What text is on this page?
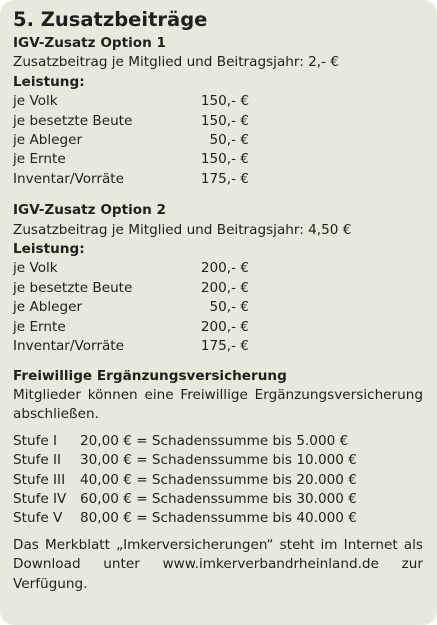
5. Zusatzbeiträge
IGV-Zusatz Option 1
Zusatzbeitrag je Mitglied und Beitragsjahr: 2,- €
Leistung:
je Volk	150,- €
je besetzte Beute	150,- €
je Ableger	50,- €
je Ernte	150,- €
Inventar/Vorräte	175,- €
IGV-Zusatz Option 2
Zusatzbeitrag je Mitglied und Beitragsjahr: 4,50 €
Leistung:
je Volk	200,- €
je besetzte Beute	200,- €
je Ableger	50,- €
je Ernte	200,- €
Inventar/Vorräte	175,- €
Freiwillige Ergänzungsversicherung
Mitglieder können eine Freiwillige Ergänzungsversicherung abschließen.
Stufe I	20,00 € = Schadenssumme bis 5.000 €
Stufe II	30,00 € = Schadenssumme bis 10.000 €
Stufe III	40,00 € = Schadenssumme bis 20.000 €
Stufe IV	60,00 € = Schadenssumme bis 30.000 €
Stufe V	80,00 € = Schadenssumme bis 40.000 €
Das Merkblatt „Imkerversicherungen“ steht im Internet als Download unter www.imkerverbandrheinland.de zur Verfügung.
